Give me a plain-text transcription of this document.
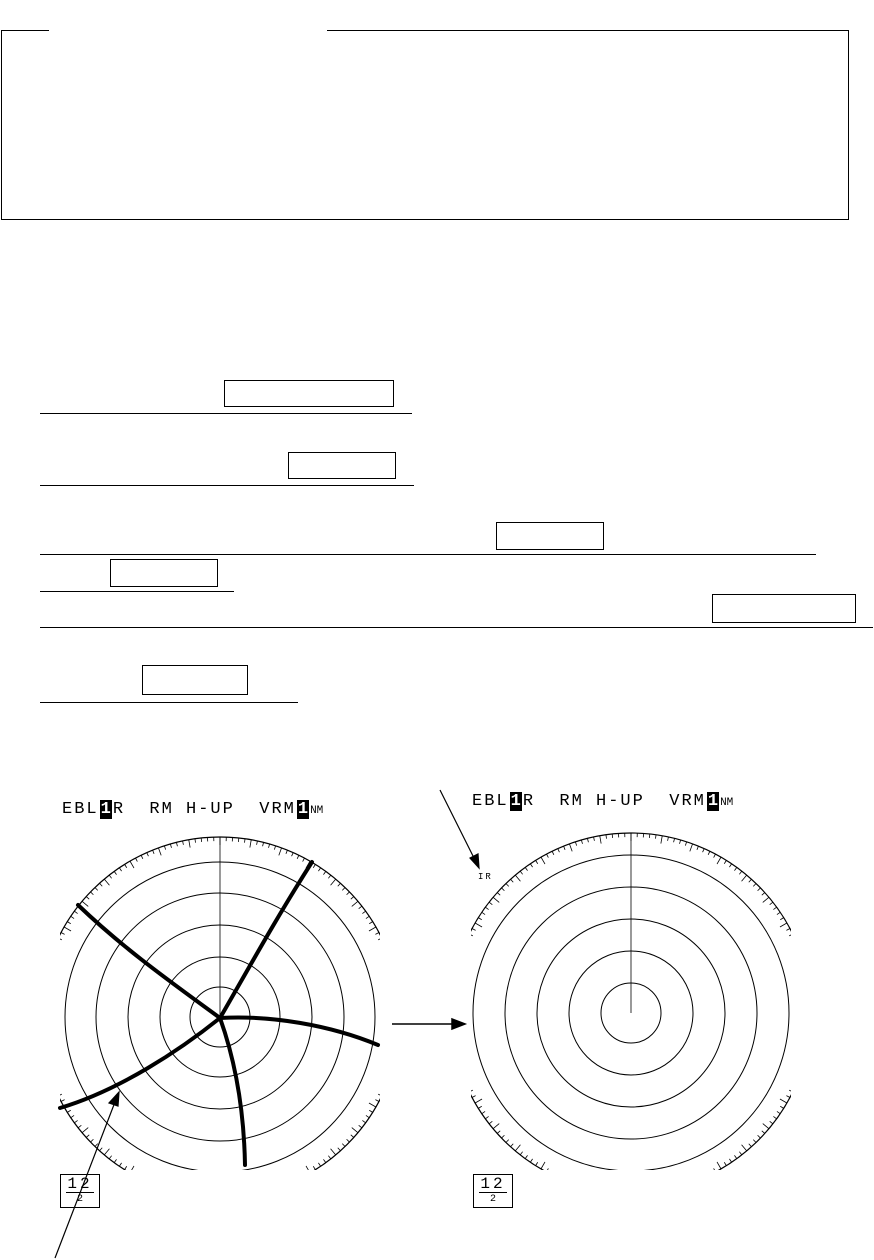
EBL 1 R RM H-UP VRM 1 NM	EBL 1 R RM H-UP VRM 1 NM
IR
12
2
12
2
